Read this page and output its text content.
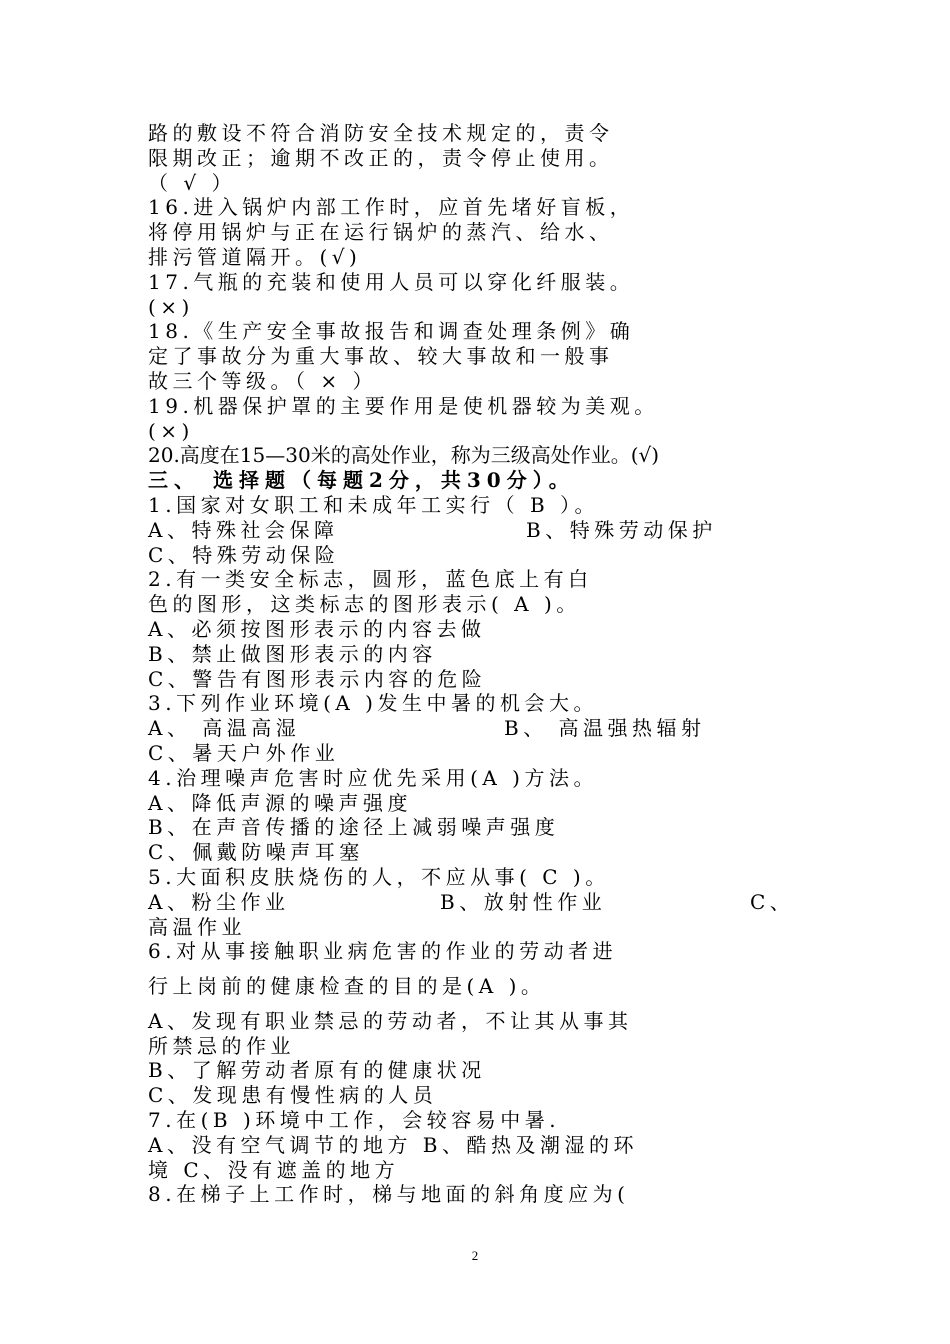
路的敷设不符合消防安全技术规定的，责令
限期改正；逾期不改正的，责令停止使用。
（ √ ）
16.进入锅炉内部工作时，应首先堵好盲板，
将停用锅炉与正在运行锅炉的蒸汽、给水、
排污管道隔开。(√)
17.气瓶的充装和使用人员可以穿化纤服装。
(×)
18.《生产安全事故报告和调查处理条例》确
定了事故分为重大事故、较大事故和一般事
故三个等级。（ × ）
19.机器保护罩的主要作用是使机器较为美观。
(×)
20.高度在15—30米的高处作业，称为三级高处作业。(√)
三、 选择题（每题2分，共30分）。
1.国家对女职工和未成年工实行（ B ）。
A、特殊社会保障	B、特殊劳动保护
C、特殊劳动保险
2.有一类安全标志，圆形，蓝色底上有白
色的图形，这类标志的图形表示( A )。
A、必须按图形表示的内容去做
B、禁止做图形表示的内容
C、警告有图形表示内容的危险
3.下列作业环境(A )发生中暑的机会大。
A、 高温高湿	B、 高温强热辐射
C、暑天户外作业
4.治理噪声危害时应优先采用(A )方法。
A、降低声源的噪声强度
B、在声音传播的途径上减弱噪声强度
C、佩戴防噪声耳塞
5.大面积皮肤烧伤的人，不应从事( C )。
A、粉尘作业	B、放射性作业	C、
高温作业
6.对从事接触职业病危害的作业的劳动者进
行上岗前的健康检查的目的是(A )。
A、发现有职业禁忌的劳动者，不让其从事其
所禁忌的作业
B、了解劳动者原有的健康状况
C、发现患有慢性病的人员
7.在(B )环境中工作，会较容易中暑.
A、没有空气调节的地方 B、酷热及潮湿的环
境 C、没有遮盖的地方
8.在梯子上工作时，梯与地面的斜角度应为(
2
